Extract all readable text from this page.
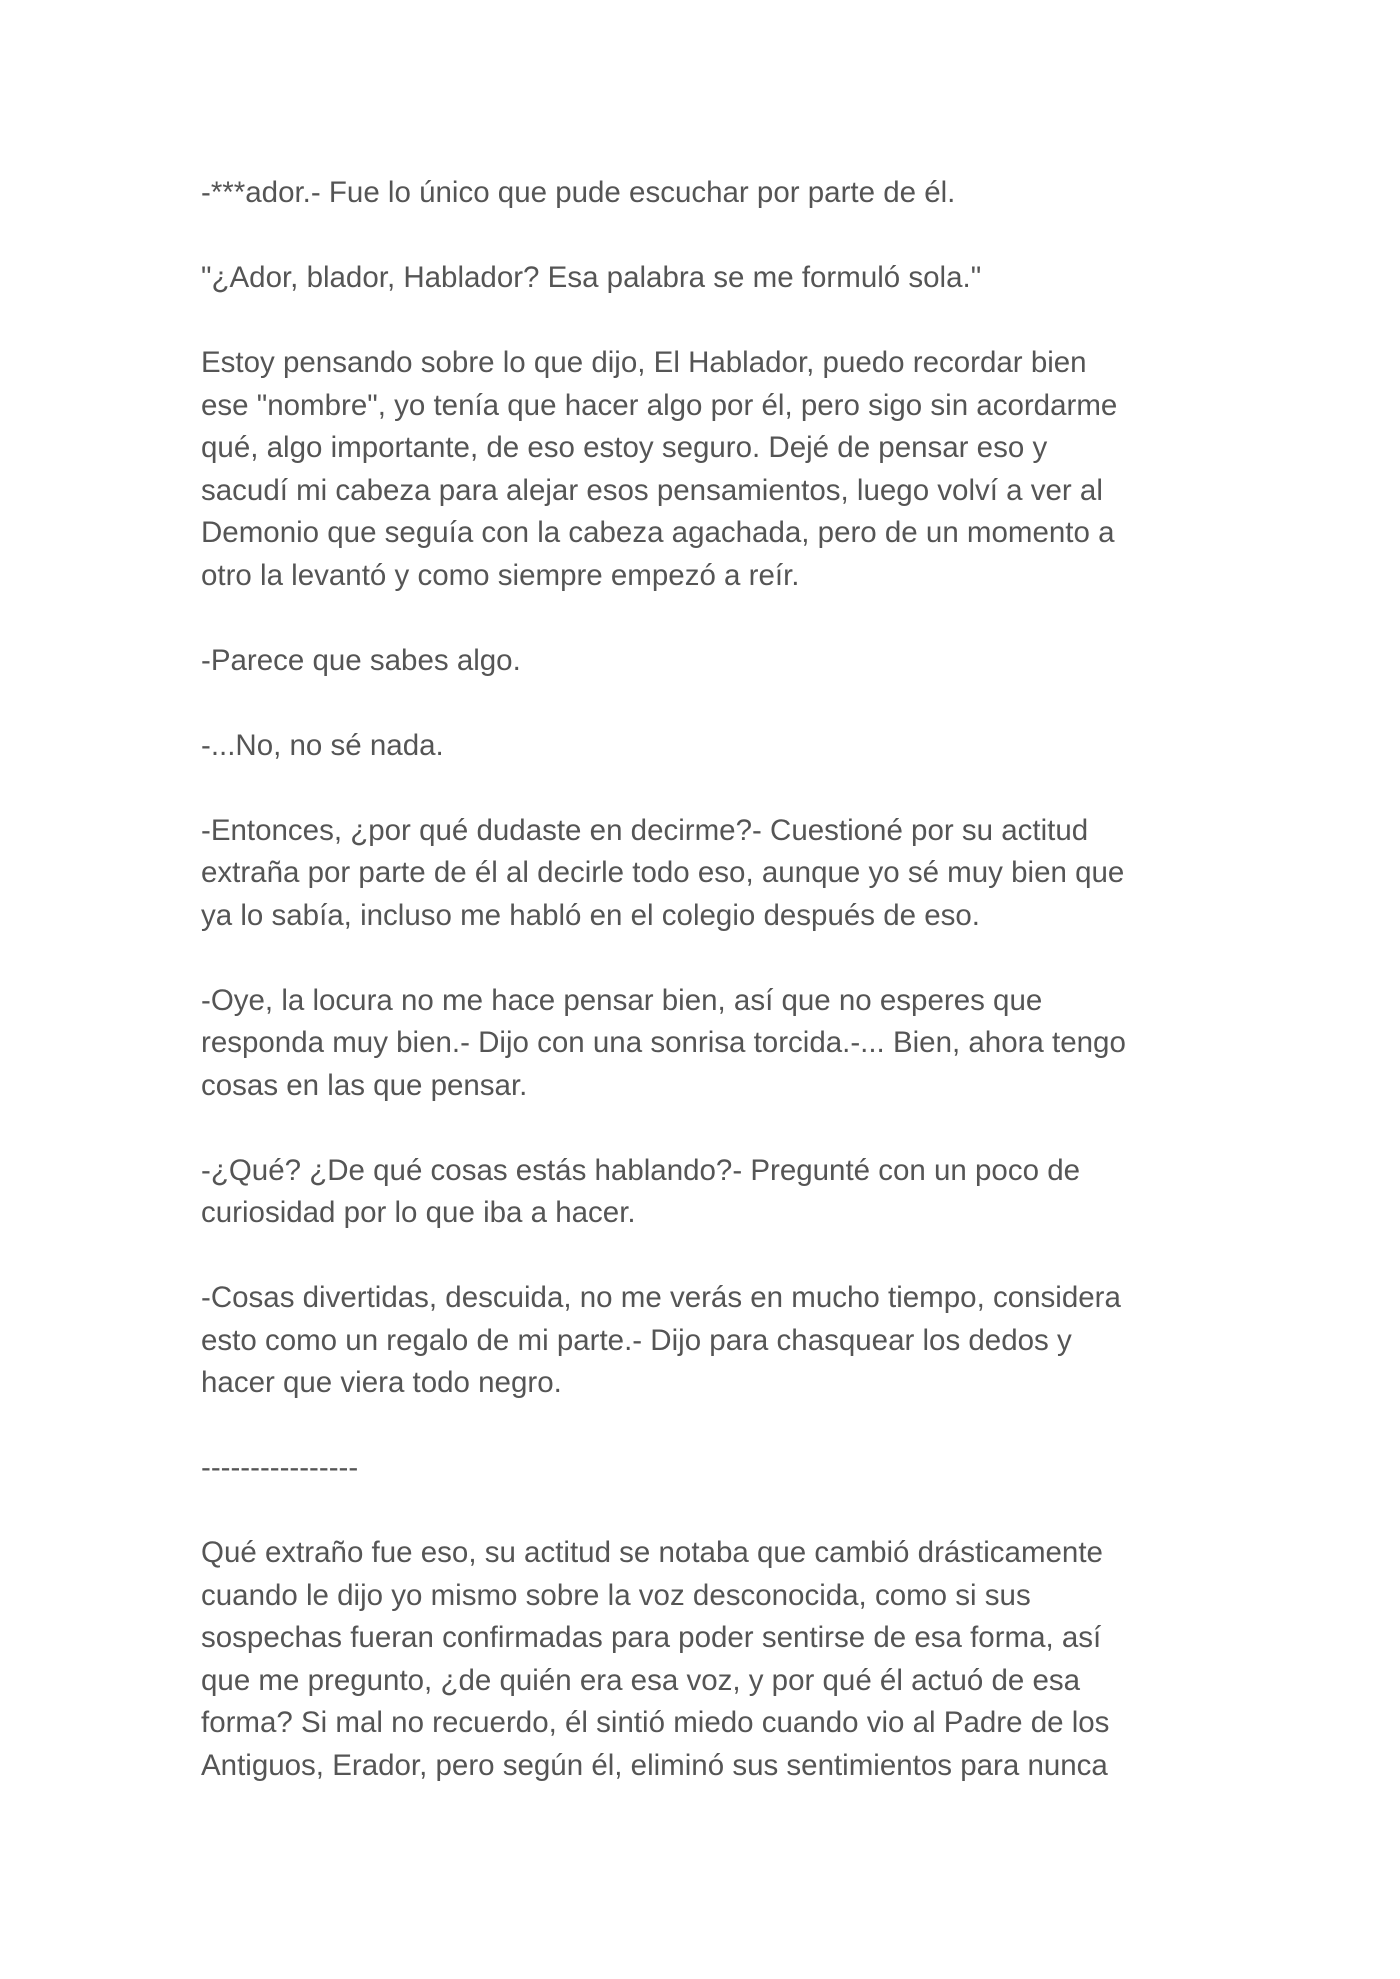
-***ador.- Fue lo único que pude escuchar por parte de él.

"¿Ador, blador, Hablador? Esa palabra se me formuló sola."

Estoy pensando sobre lo que dijo, El Hablador, puedo recordar bien
ese "nombre", yo tenía que hacer algo por él, pero sigo sin acordarme
qué, algo importante, de eso estoy seguro. Dejé de pensar eso y
sacudí mi cabeza para alejar esos pensamientos, luego volví a ver al
Demonio que seguía con la cabeza agachada, pero de un momento a
otro la levantó y como siempre empezó a reír.

-Parece que sabes algo.

-...No, no sé nada.

-Entonces, ¿por qué dudaste en decirme?- Cuestioné por su actitud
extraña por parte de él al decirle todo eso, aunque yo sé muy bien que
ya lo sabía, incluso me habló en el colegio después de eso.

-Oye, la locura no me hace pensar bien, así que no esperes que
responda muy bien.- Dijo con una sonrisa torcida.-... Bien, ahora tengo
cosas en las que pensar.

-¿Qué? ¿De qué cosas estás hablando?- Pregunté con un poco de
curiosidad por lo que iba a hacer.

-Cosas divertidas, descuida, no me verás en mucho tiempo, considera
esto como un regalo de mi parte.- Dijo para chasquear los dedos y
hacer que viera todo negro.

----------------

Qué extraño fue eso, su actitud se notaba que cambió drásticamente
cuando le dijo yo mismo sobre la voz desconocida, como si sus
sospechas fueran confirmadas para poder sentirse de esa forma, así
que me pregunto, ¿de quién era esa voz, y por qué él actuó de esa
forma? Si mal no recuerdo, él sintió miedo cuando vio al Padre de los
Antiguos, Erador, pero según él, eliminó sus sentimientos para nunca
